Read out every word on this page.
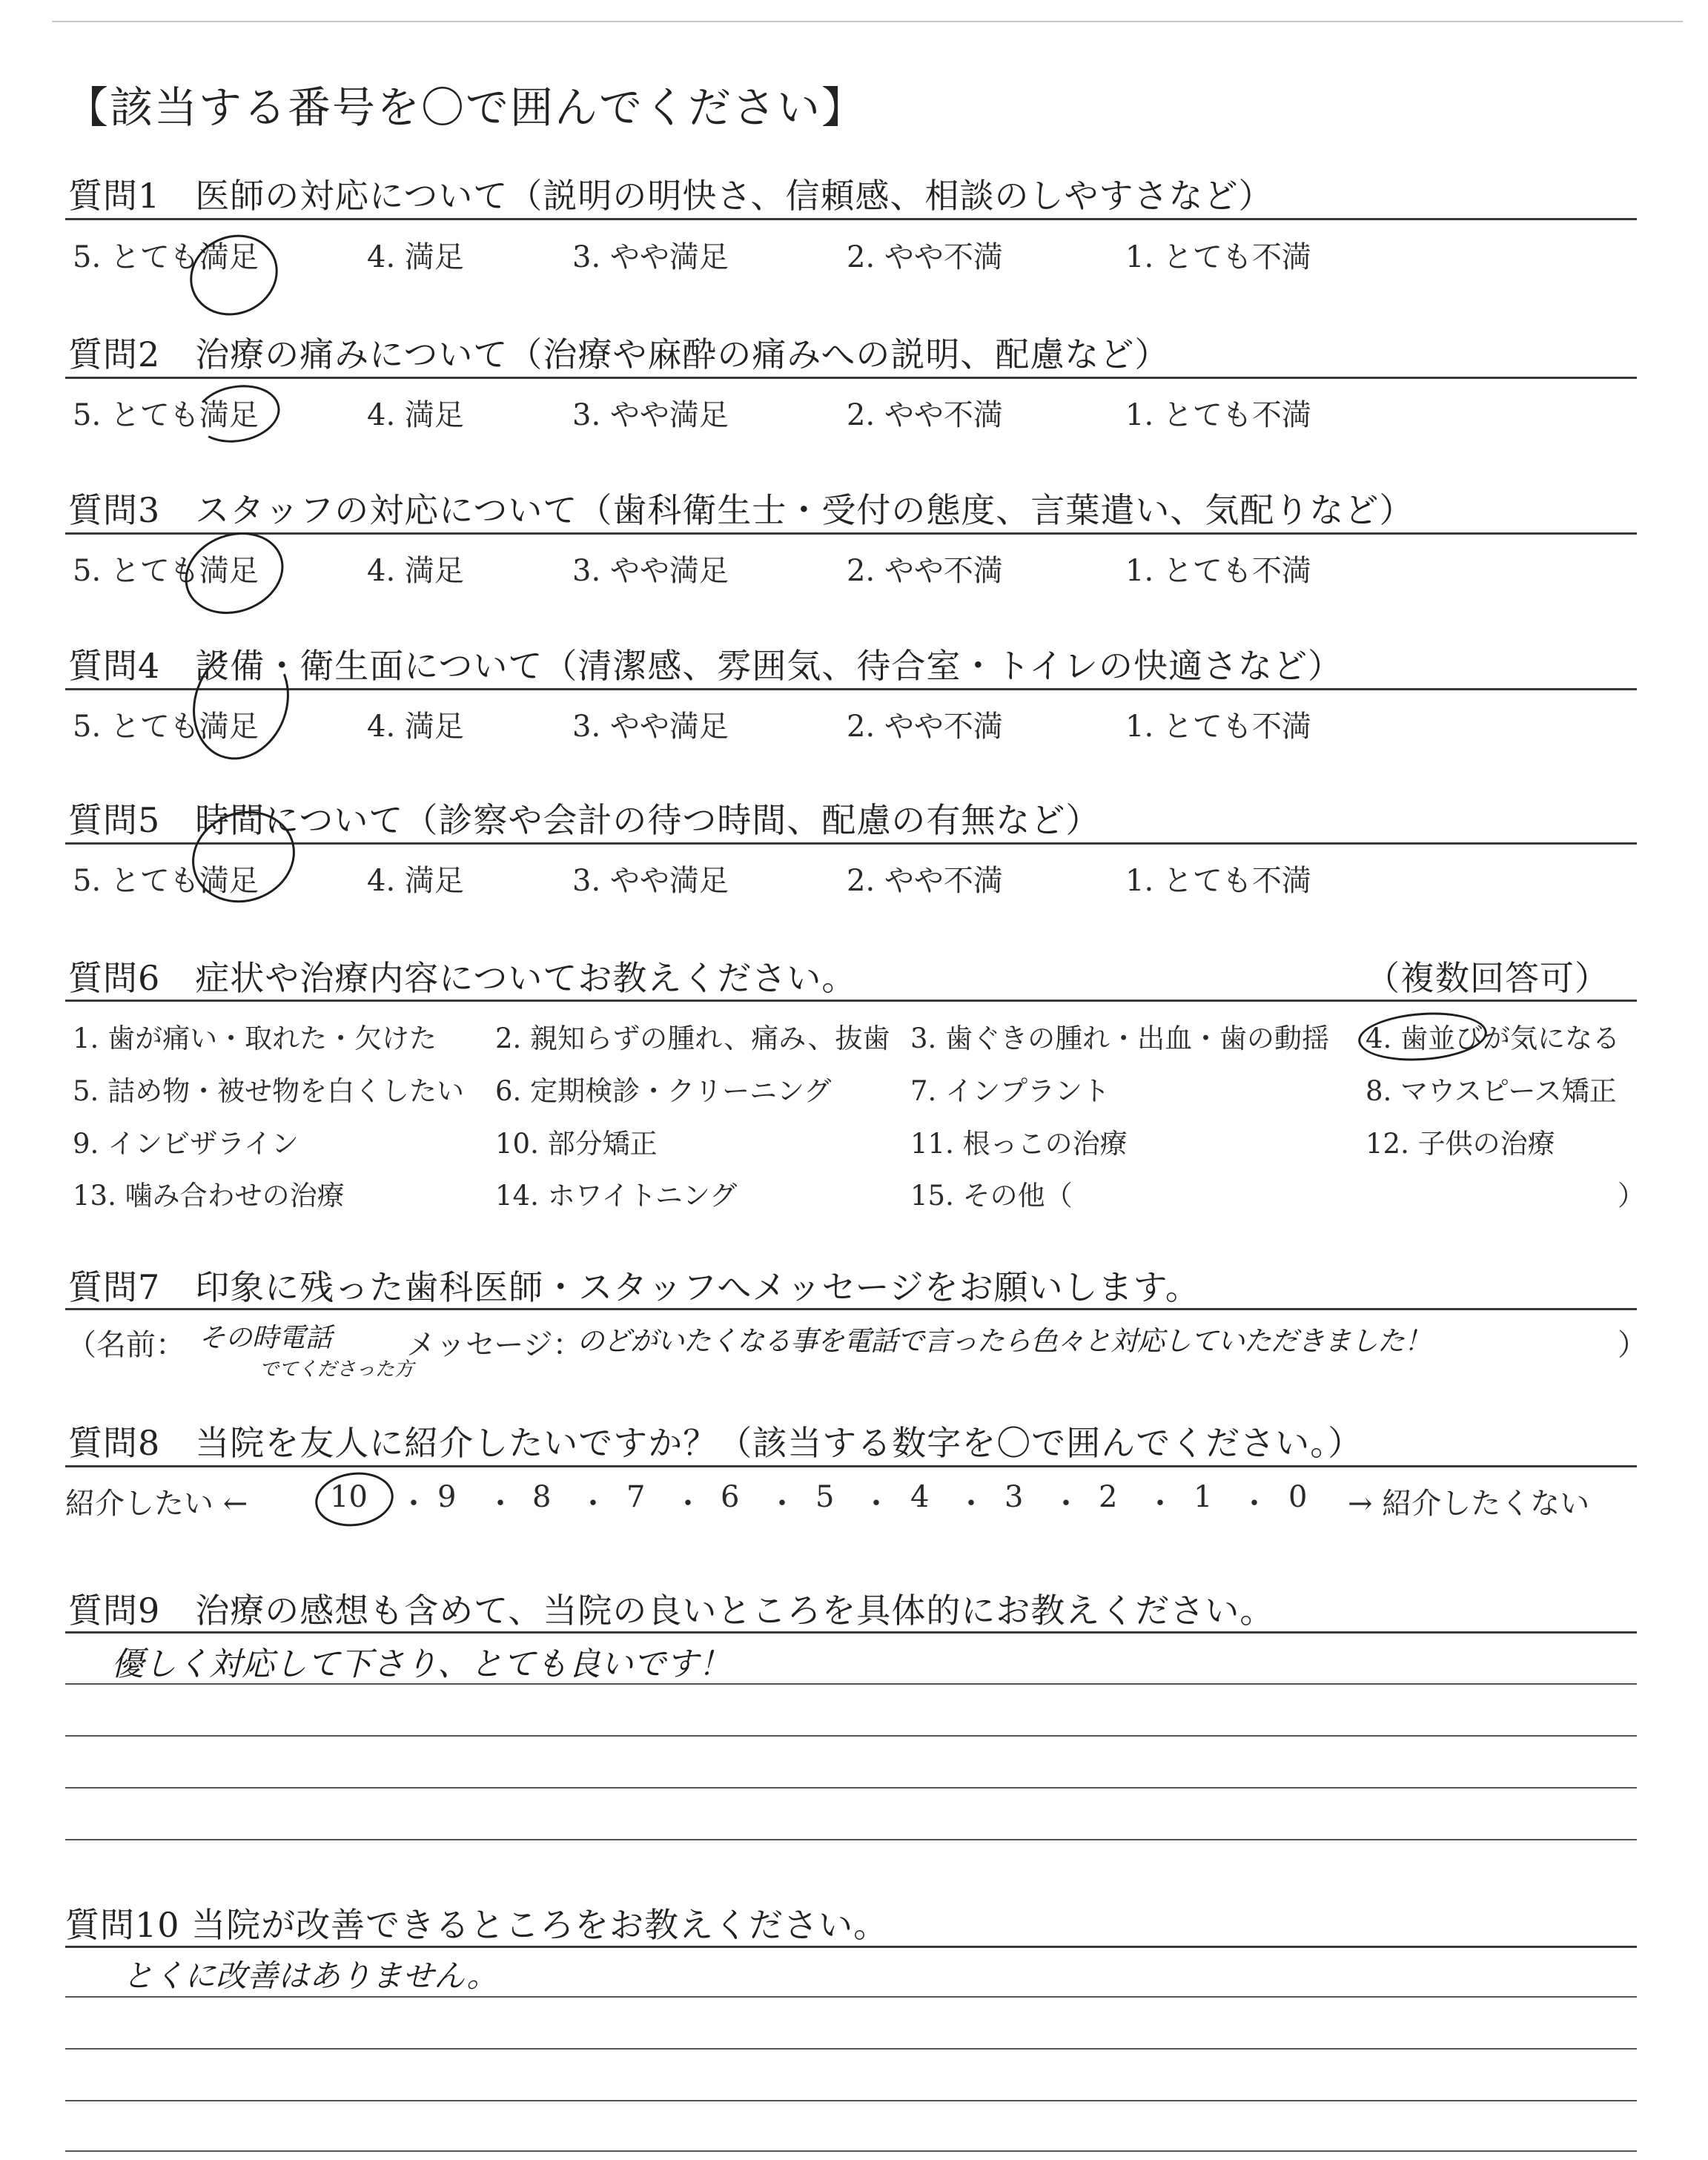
【該当する番号を〇で囲んでください】
質問1　医師の対応について（説明の明快さ、信頼感、相談のしやすさなど）
5. とても満足	4. 満足	3. やや満足	2. やや不満	1. とても不満
質問2　治療の痛みについて（治療や麻酔の痛みへの説明、配慮など）
5. とても満足	4. 満足	3. やや満足	2. やや不満	1. とても不満
質問3　スタッフの対応について（歯科衛生士・受付の態度、言葉遣い、気配りなど）
5. とても満足	4. 満足	3. やや満足	2. やや不満	1. とても不満
質問4　設備・衛生面について（清潔感、雰囲気、待合室・トイレの快適さなど）
5. とても満足	4. 満足	3. やや満足	2. やや不満	1. とても不満
質問5　時間について（診察や会計の待つ時間、配慮の有無など）
5. とても満足	4. 満足	3. やや満足	2. やや不満	1. とても不満
質問6　症状や治療内容についてお教えください。	（複数回答可）
1. 歯が痛い・取れた・欠けた 2. 親知らずの腫れ、痛み、抜歯 3. 歯ぐきの腫れ・出血・歯の動揺 4. 歯並びが気になる
5. 詰め物・被せ物を白くしたい 6. 定期検診・クリーニング	7. インプラント	8. マウスピース矯正
9. インビザライン	10. 部分矯正	11. 根っこの治療	12. 子供の治療
13. 噛み合わせの治療	14. ホワイトニング	15. その他（	）
質問7　印象に残った歯科医師・スタッフへメッセージをお願いします。
（名前： その時電話
でてくださった方
メッセージ：
のどがいたくなる事を電話で言ったら色々と対応していただきました！	）
質問8　当院を友人に紹介したいですか？（該当する数字を〇で囲んでください。）
紹介したい ←	10 ・ 9 ・ 8 ・ 7 ・ 6 ・ 5 ・ 4 ・ 3 ・ 2 ・ 1 ・ 0 → 紹介したくない
質問9　治療の感想も含めて、当院の良いところを具体的にお教えください。
優しく対応して下さり、とても良いです！
質問10 当院が改善できるところをお教えください。
とくに改善はありません。
